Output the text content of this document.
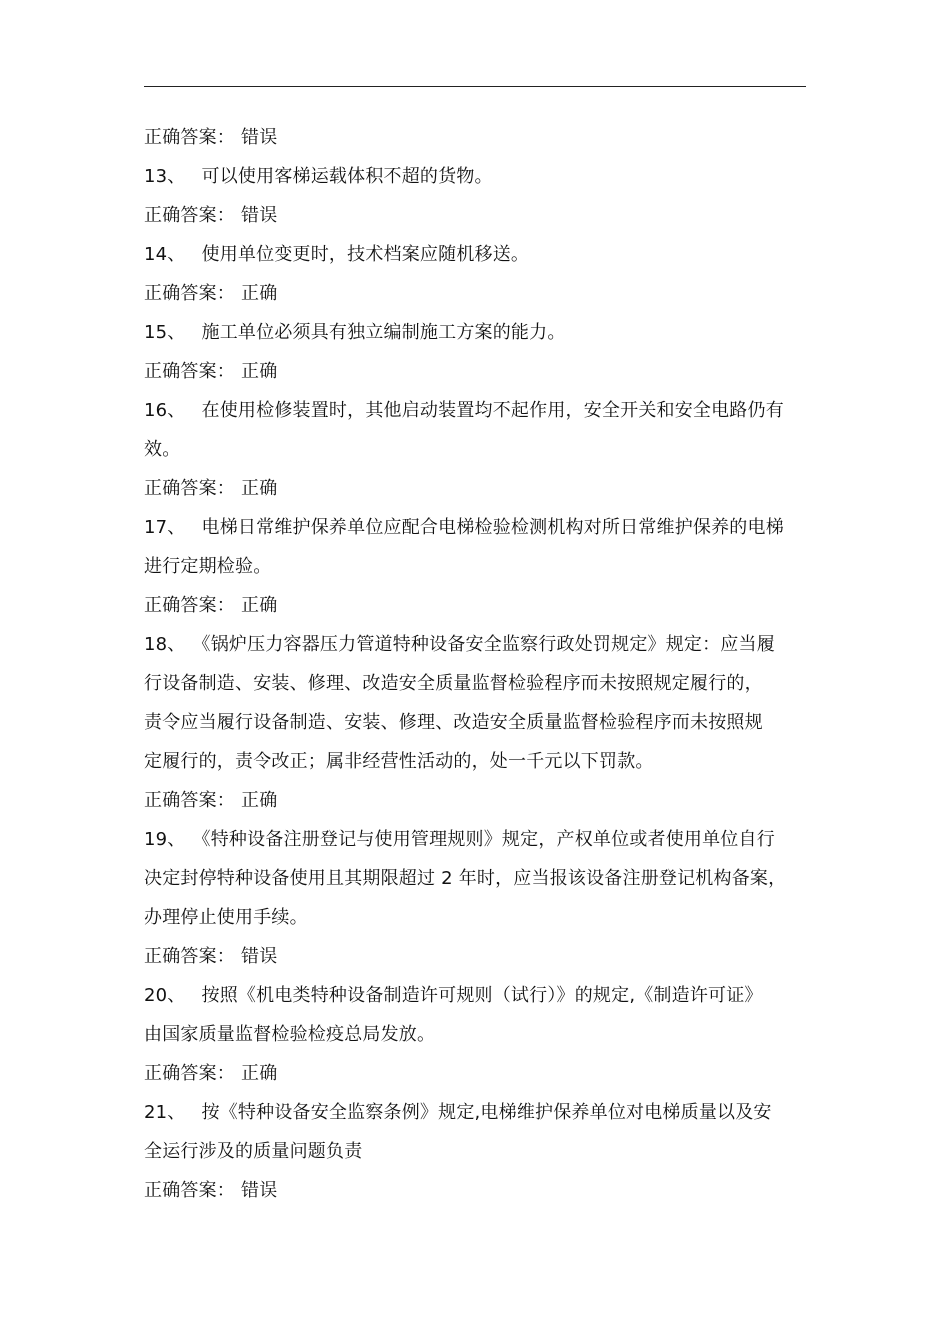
正确答案： 错误
13、 可以使用客梯运载体积不超的货物。
正确答案： 错误
14、 使用单位变更时，技术档案应随机移送。
正确答案： 正确
15、 施工单位必须具有独立编制施工方案的能力。
正确答案： 正确
16、 在使用检修装置时，其他启动装置均不起作用，安全开关和安全电路仍有
效。
正确答案： 正确
17、 电梯日常维护保养单位应配合电梯检验检测机构对所日常维护保养的电梯
进行定期检验。
正确答案： 正确
18、 《锅炉压力容器压力管道特种设备安全监察行政处罚规定》规定：应当履
行设备制造、安装、修理、改造安全质量监督检验程序而未按照规定履行的，
责令应当履行设备制造、安装、修理、改造安全质量监督检验程序而未按照规
定履行的，责令改正；属非经营性活动的，处一千元以下罚款。
正确答案： 正确
19、 《特种设备注册登记与使用管理规则》规定，产权单位或者使用单位自行
决定封停特种设备使用且其期限超过 2 年时，应当报该设备注册登记机构备案，
办理停止使用手续。
正确答案： 错误
20、 按照《机电类特种设备制造许可规则（试行）》的规定,《制造许可证》
由国家质量监督检验检疫总局发放。
正确答案： 正确
21、 按《特种设备安全监察条例》规定,电梯维护保养单位对电梯质量以及安
全运行涉及的质量问题负责
正确答案： 错误
